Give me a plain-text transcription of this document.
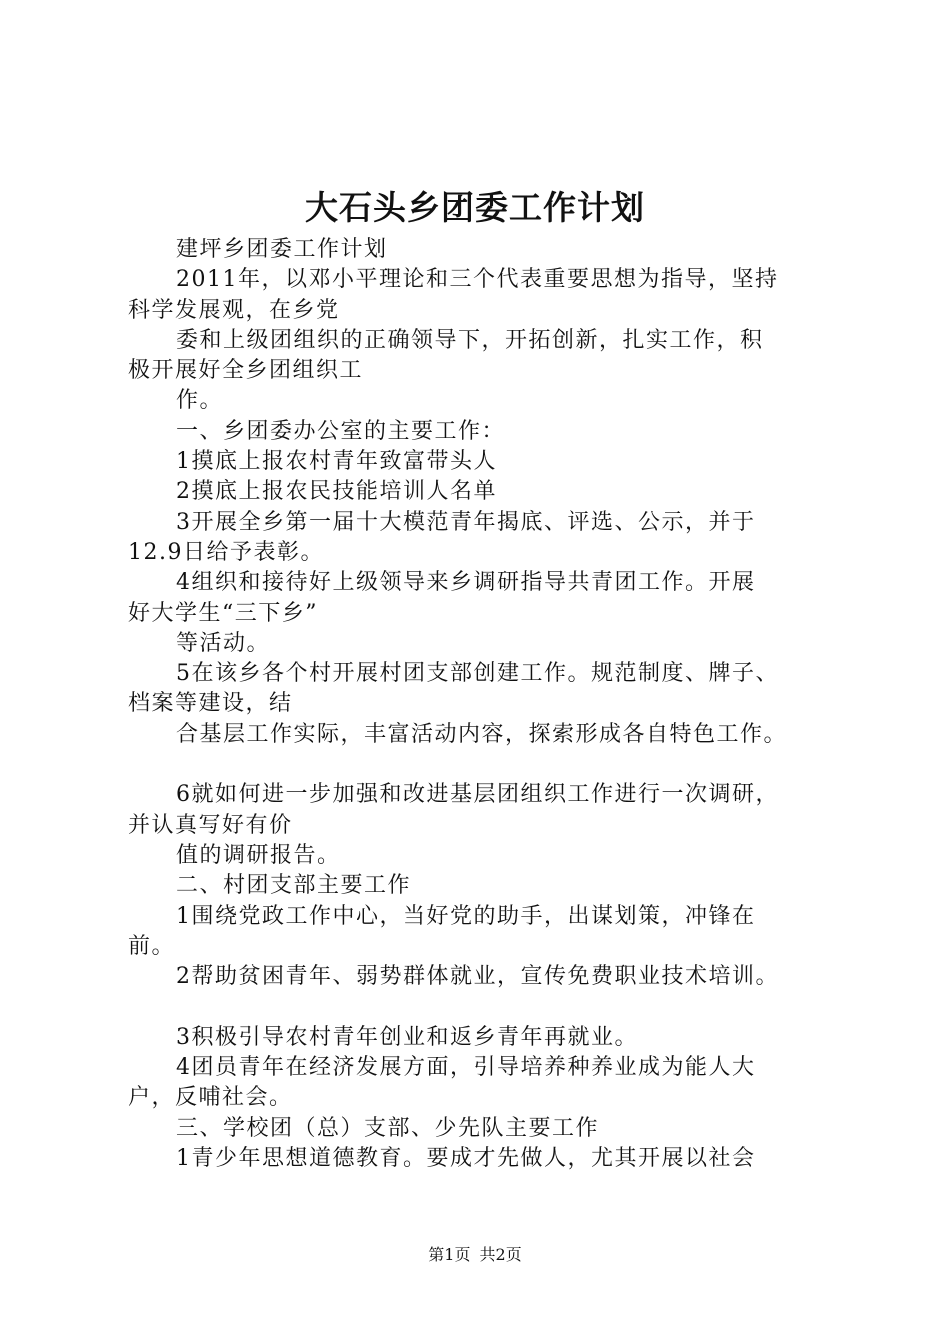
大石头乡团委工作计划
建坪乡团委工作计划
2011年，以邓小平理论和三个代表重要思想为指导，坚持
科学发展观，在乡党
委和上级团组织的正确领导下，开拓创新，扎实工作，积
极开展好全乡团组织工
作。
一、乡团委办公室的主要工作：
1摸底上报农村青年致富带头人
2摸底上报农民技能培训人名单
3开展全乡第一届十大模范青年揭底、评选、公示，并于
12.9日给予表彰。
4组织和接待好上级领导来乡调研指导共青团工作。开展
好大学生“三下乡”
等活动。
5在该乡各个村开展村团支部创建工作。规范制度、牌子、
档案等建设，结
合基层工作实际，丰富活动内容，探索形成各自特色工作。
6就如何进一步加强和改进基层团组织工作进行一次调研，
并认真写好有价
值的调研报告。
二、村团支部主要工作
1围绕党政工作中心，当好党的助手，出谋划策，冲锋在
前。
2帮助贫困青年、弱势群体就业，宣传免费职业技术培训。
3积极引导农村青年创业和返乡青年再就业。
4团员青年在经济发展方面，引导培养种养业成为能人大
户，反哺社会。
三、学校团（总）支部、少先队主要工作
1青少年思想道德教育。要成才先做人，尤其开展以社会
第1页 共2页
